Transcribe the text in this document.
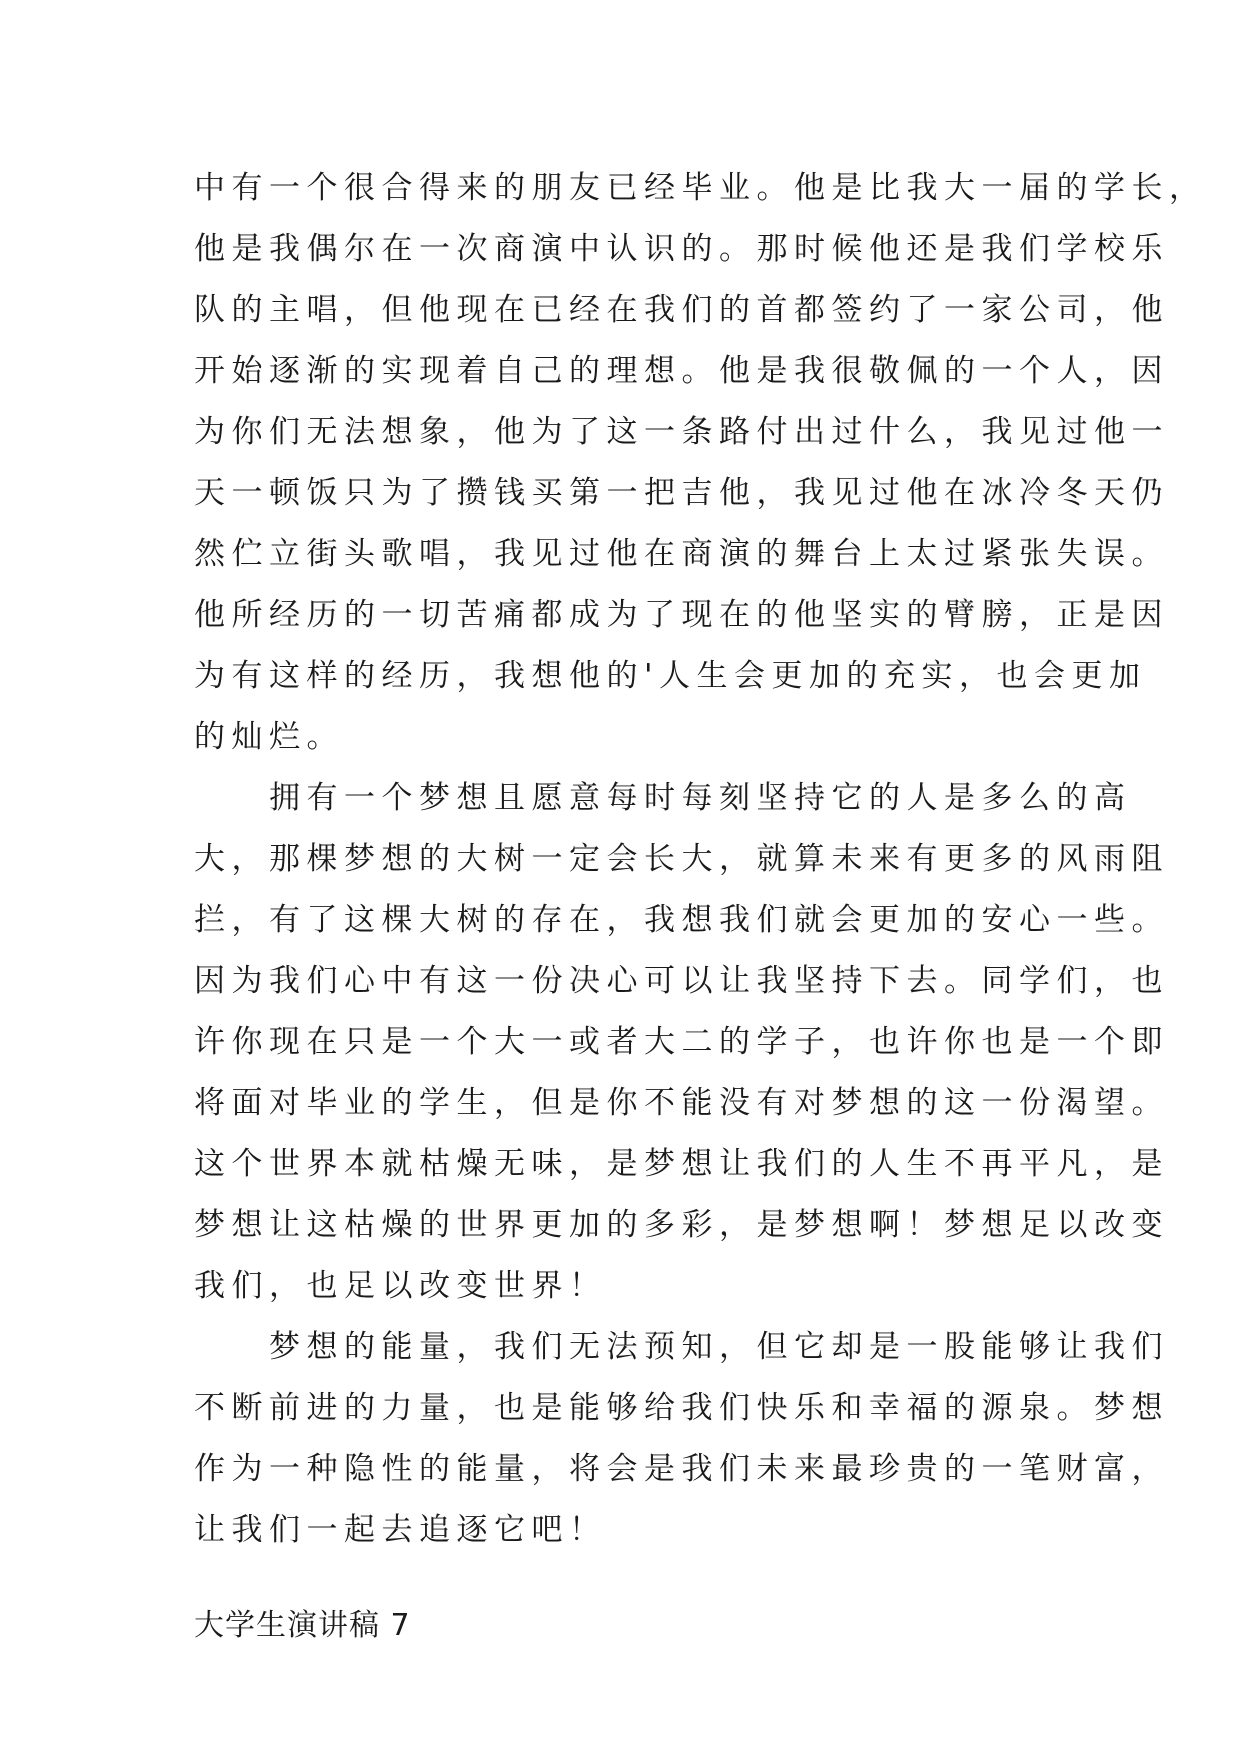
中有一个很合得来的朋友已经毕业。他是比我大一届的学长，
他是我偶尔在一次商演中认识的。那时候他还是我们学校乐
队的主唱，但他现在已经在我们的首都签约了一家公司，他
开始逐渐的实现着自己的理想。他是我很敬佩的一个人，因
为你们无法想象，他为了这一条路付出过什么，我见过他一
天一顿饭只为了攒钱买第一把吉他，我见过他在冰冷冬天仍
然伫立街头歌唱，我见过他在商演的舞台上太过紧张失误。
他所经历的一切苦痛都成为了现在的他坚实的臂膀，正是因
为有这样的经历，我想他的'人生会更加的充实，也会更加
的灿烂。
　　拥有一个梦想且愿意每时每刻坚持它的人是多么的高
大，那棵梦想的大树一定会长大，就算未来有更多的风雨阻
拦，有了这棵大树的存在，我想我们就会更加的安心一些。
因为我们心中有这一份决心可以让我坚持下去。同学们，也
许你现在只是一个大一或者大二的学子，也许你也是一个即
将面对毕业的学生，但是你不能没有对梦想的这一份渴望。
这个世界本就枯燥无味，是梦想让我们的人生不再平凡，是
梦想让这枯燥的世界更加的多彩，是梦想啊！梦想足以改变
我们，也足以改变世界！
　　梦想的能量，我们无法预知，但它却是一股能够让我们
不断前进的力量，也是能够给我们快乐和幸福的源泉。梦想
作为一种隐性的能量，将会是我们未来最珍贵的一笔财富，
让我们一起去追逐它吧！
大学生演讲稿 7
